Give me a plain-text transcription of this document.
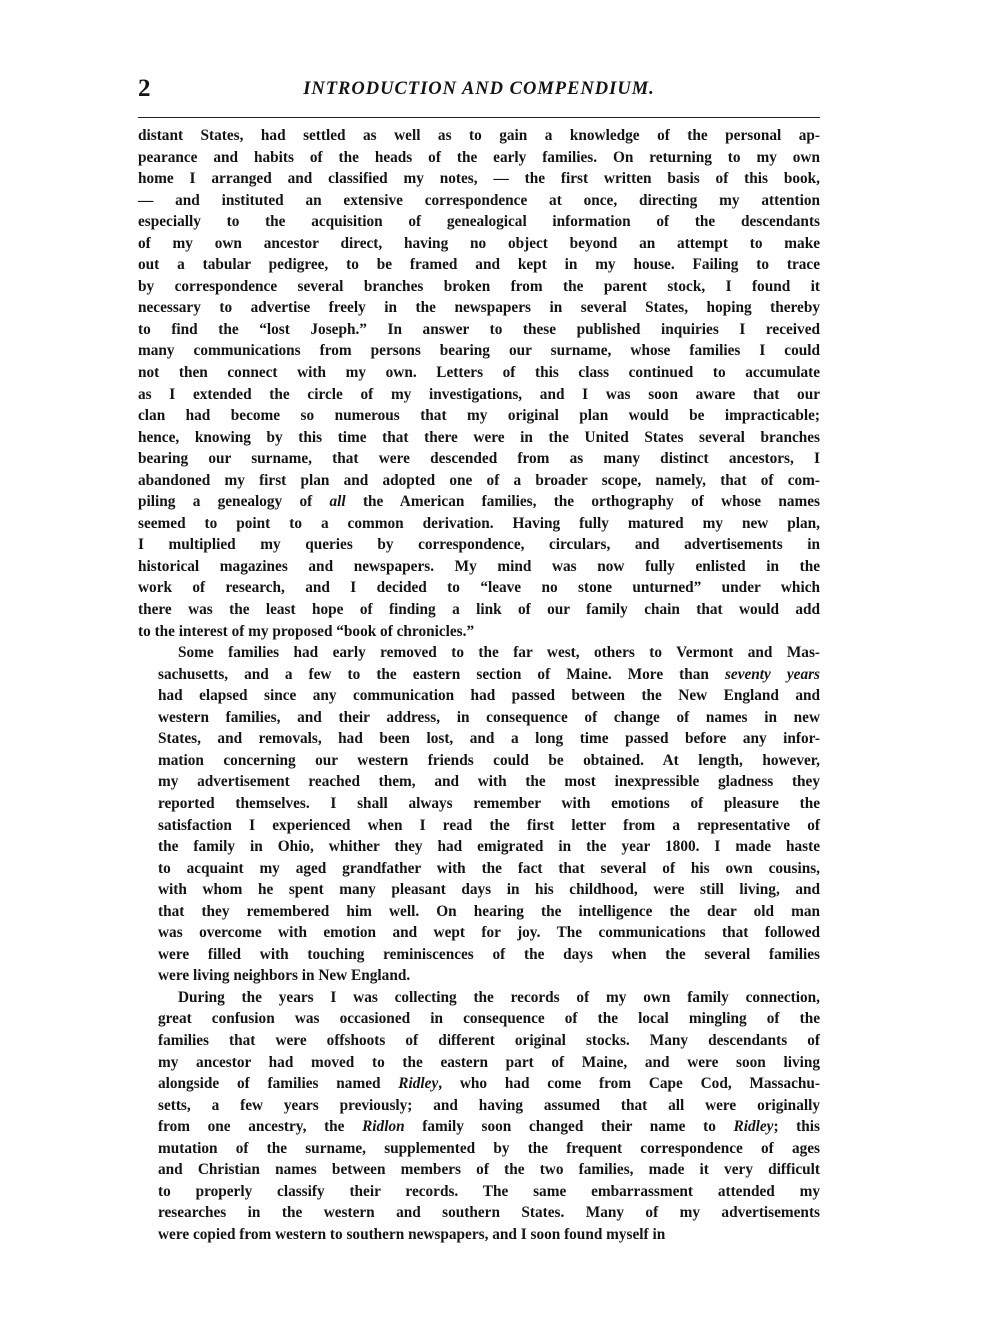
2	INTRODUCTION AND COMPENDIUM.
distant States, had settled as well as to gain a knowledge of the personal ap-
pearance and habits of the heads of the early families. On returning to my own
home I arranged and classified my notes, — the first written basis of this book,
— and instituted an extensive correspondence at once, directing my attention
especially to the acquisition of genealogical information of the descendants
of my own ancestor direct, having no object beyond an attempt to make
out a tabular pedigree, to be framed and kept in my house. Failing to trace
by correspondence several branches broken from the parent stock, I found it
necessary to advertise freely in the newspapers in several States, hoping thereby
to find the “lost Joseph.” In answer to these published inquiries I received
many communications from persons bearing our surname, whose families I could
not then connect with my own. Letters of this class continued to accumulate
as I extended the circle of my investigations, and I was soon aware that our
clan had become so numerous that my original plan would be impracticable;
hence, knowing by this time that there were in the United States several branches
bearing our surname, that were descended from as many distinct ancestors, I
abandoned my first plan and adopted one of a broader scope, namely, that of com-
piling a genealogy of all the American families, the orthography of whose names
seemed to point to a common derivation. Having fully matured my new plan,
I multiplied my queries by correspondence, circulars, and advertisements in
historical magazines and newspapers. My mind was now fully enlisted in the
work of research, and I decided to “leave no stone unturned” under which
there was the least hope of finding a link of our family chain that would add
to the interest of my proposed “book of chronicles.”
Some families had early removed to the far west, others to Vermont and Mas-
sachusetts, and a few to the eastern section of Maine. More than seventy years
had elapsed since any communication had passed between the New England and
western families, and their address, in consequence of change of names in new
States, and removals, had been lost, and a long time passed before any infor-
mation concerning our western friends could be obtained. At length, however,
my advertisement reached them, and with the most inexpressible gladness they
reported themselves. I shall always remember with emotions of pleasure the
satisfaction I experienced when I read the first letter from a representative of
the family in Ohio, whither they had emigrated in the year 1800. I made haste
to acquaint my aged grandfather with the fact that several of his own cousins,
with whom he spent many pleasant days in his childhood, were still living, and
that they remembered him well. On hearing the intelligence the dear old man
was overcome with emotion and wept for joy. The communications that followed
were filled with touching reminiscences of the days when the several families
were living neighbors in New England.
During the years I was collecting the records of my own family connection,
great confusion was occasioned in consequence of the local mingling of the
families that were offshoots of different original stocks. Many descendants of
my ancestor had moved to the eastern part of Maine, and were soon living
alongside of families named Ridley, who had come from Cape Cod, Massachu-
setts, a few years previously; and having assumed that all were originally
from one ancestry, the Ridlon family soon changed their name to Ridley; this
mutation of the surname, supplemented by the frequent correspondence of ages
and Christian names between members of the two families, made it very difficult
to properly classify their records. The same embarrassment attended my
researches in the western and southern States. Many of my advertisements
were copied from western to southern newspapers, and I soon found myself in
